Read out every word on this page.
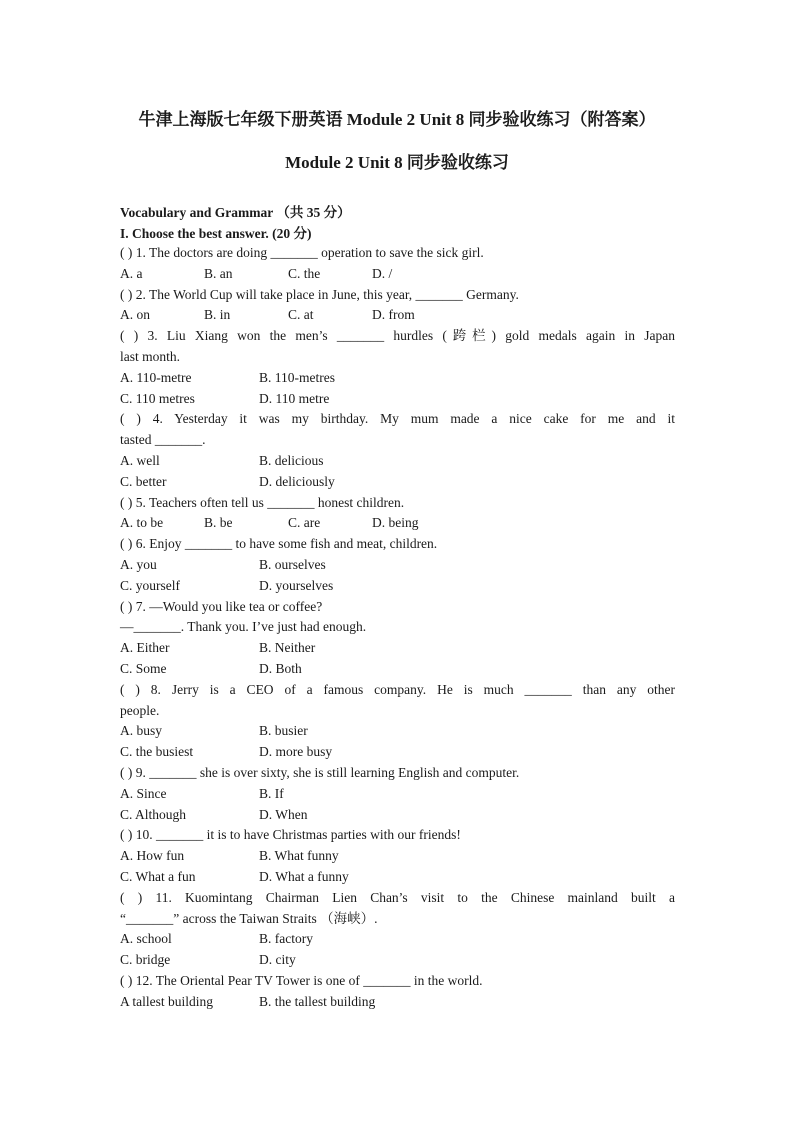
牛津上海版七年级下册英语 Module 2 Unit 8 同步验收练习（附答案）
Module 2 Unit 8 同步验收练习
Vocabulary and Grammar （共 35 分）
I. Choose the best answer. (20 分)
( ) 1. The doctors are doing _______ operation to save the sick girl.
A. a	B. an	C. the	D. /
( ) 2. The World Cup will take place in June, this year, _______ Germany.
A. on	B. in	C. at	D. from
( ) 3. Liu Xiang won the men’s _______ hurdles (跨栏) gold medals again in Japan
last month.
A. 110-metre	B. 110-metres
C. 110 metres	D. 110 metre
( ) 4. Yesterday it was my birthday. My mum made a nice cake for me and it
tasted _______.
A. well	B. delicious
C. better	D. deliciously
( ) 5. Teachers often tell us _______ honest children.
A. to be	B. be	C. are	D. being
( ) 6. Enjoy _______ to have some fish and meat, children.
A. you	B. ourselves
C. yourself	D. yourselves
( ) 7. —Would you like tea or coffee?
—_______. Thank you. I’ve just had enough.
A. Either	B. Neither
C. Some	D. Both
( ) 8. Jerry is a CEO of a famous company. He is much _______ than any other
people.
A. busy	B. busier
C. the busiest	D. more busy
( ) 9. _______ she is over sixty, she is still learning English and computer.
A. Since	B. If
C. Although	D. When
( ) 10. _______ it is to have Christmas parties with our friends!
A. How fun	B. What funny
C. What a fun	D. What a funny
( ) 11. Kuomintang Chairman Lien Chan’s visit to the Chinese mainland built a
“_______” across the Taiwan Straits （海峡）.
A. school	B. factory
C. bridge	D. city
( ) 12. The Oriental Pear TV Tower is one of _______ in the world.
A tallest building	B. the tallest building
